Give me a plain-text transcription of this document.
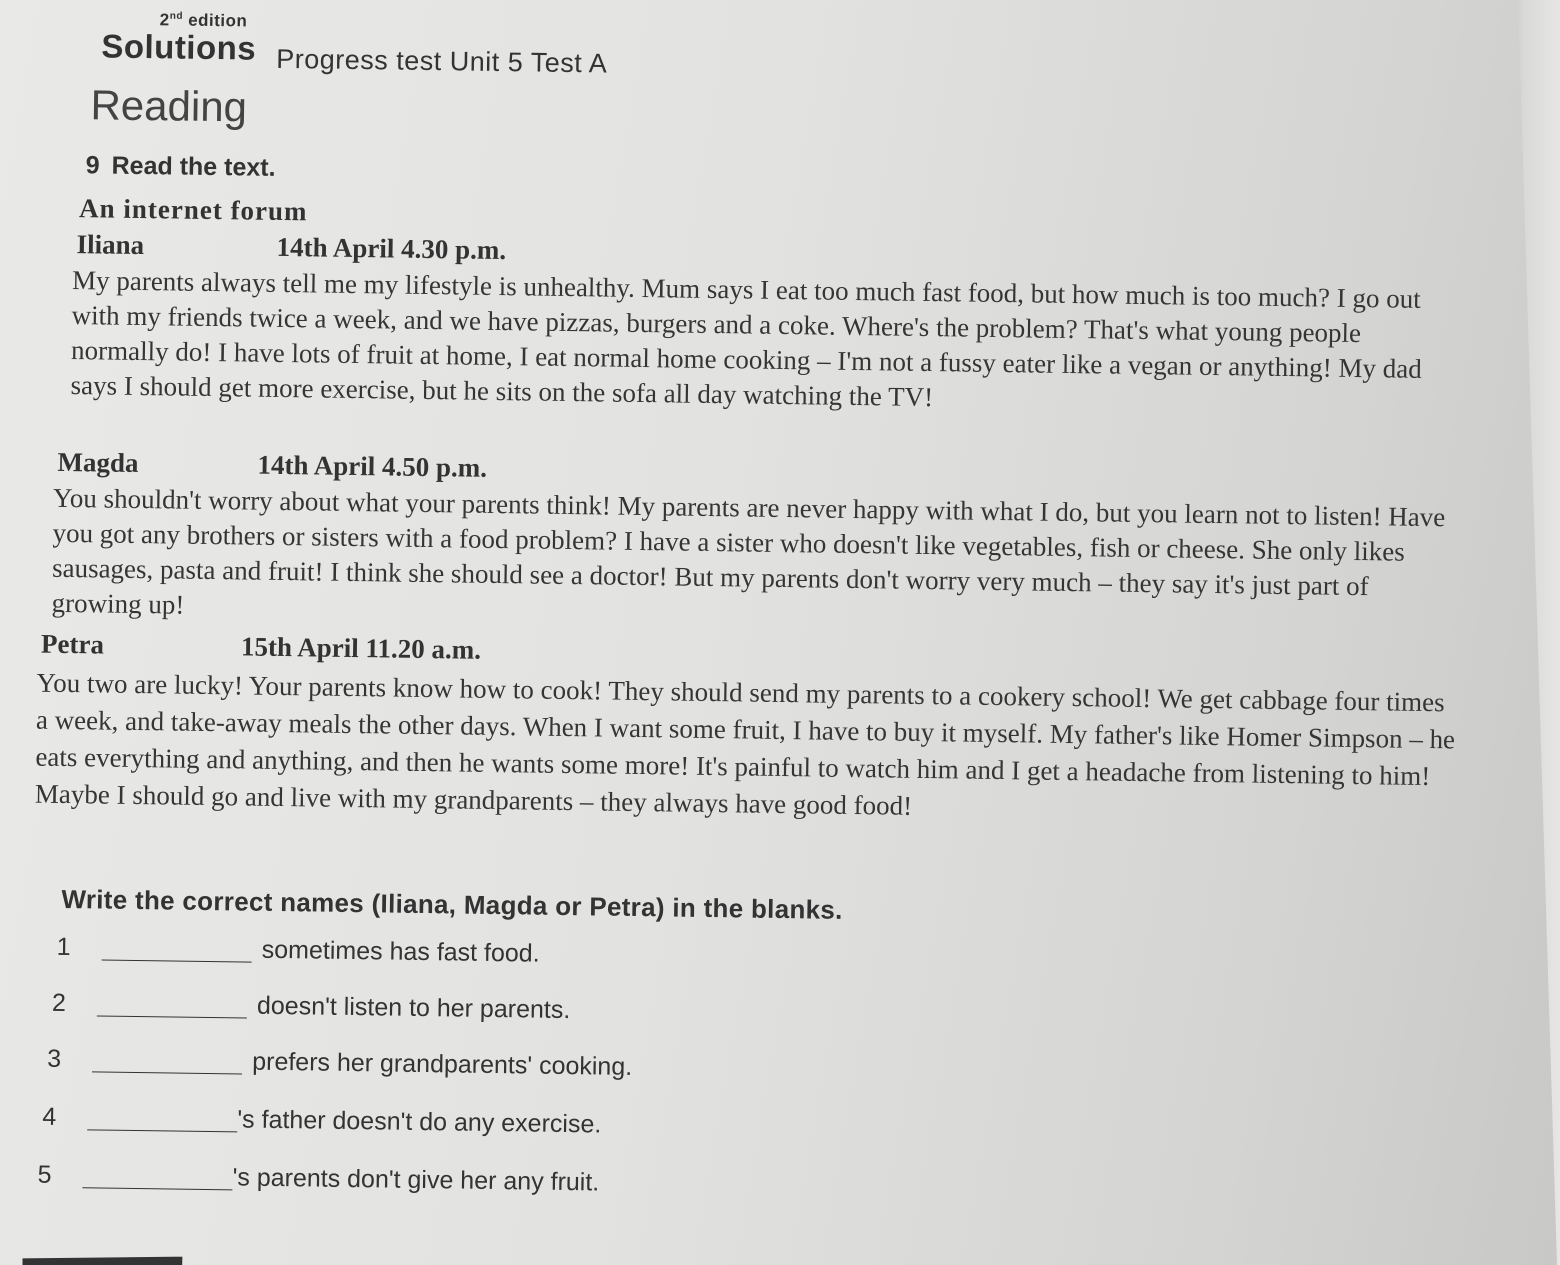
2nd edition
Solutions Progress test Unit 5 Test A
Reading
9 Read the text.
An internet forum
Iliana	14th April 4.30 p.m.
My parents always tell me my lifestyle is unhealthy. Mum says I eat too much fast food, but how much is too much? I go out with my friends twice a week, and we have pizzas, burgers and a coke. Where's the problem? That's what young people normally do! I have lots of fruit at home, I eat normal home cooking – I'm not a fussy eater like a vegan or anything! My dad says I should get more exercise, but he sits on the sofa all day watching the TV!
Magda	14th April 4.50 p.m.
You shouldn't worry about what your parents think! My parents are never happy with what I do, but you learn not to listen! Have you got any brothers or sisters with a food problem? I have a sister who doesn't like vegetables, fish or cheese. She only likes sausages, pasta and fruit! I think she should see a doctor! But my parents don't worry very much – they say it's just part of growing up!
Petra	15th April 11.20 a.m.
You two are lucky! Your parents know how to cook! They should send my parents to a cookery school! We get cabbage four times a week, and take-away meals the other days. When I want some fruit, I have to buy it myself. My father's like Homer Simpson – he eats everything and anything, and then he wants some more! It's painful to watch him and I get a headache from listening to him! Maybe I should go and live with my grandparents – they always have good food!
Write the correct names (Iliana, Magda or Petra) in the blanks.
1	sometimes has fast food.
2	doesn't listen to her parents.
3	prefers her grandparents' cooking.
4	's father doesn't do any exercise.
5	's parents don't give her any fruit.
